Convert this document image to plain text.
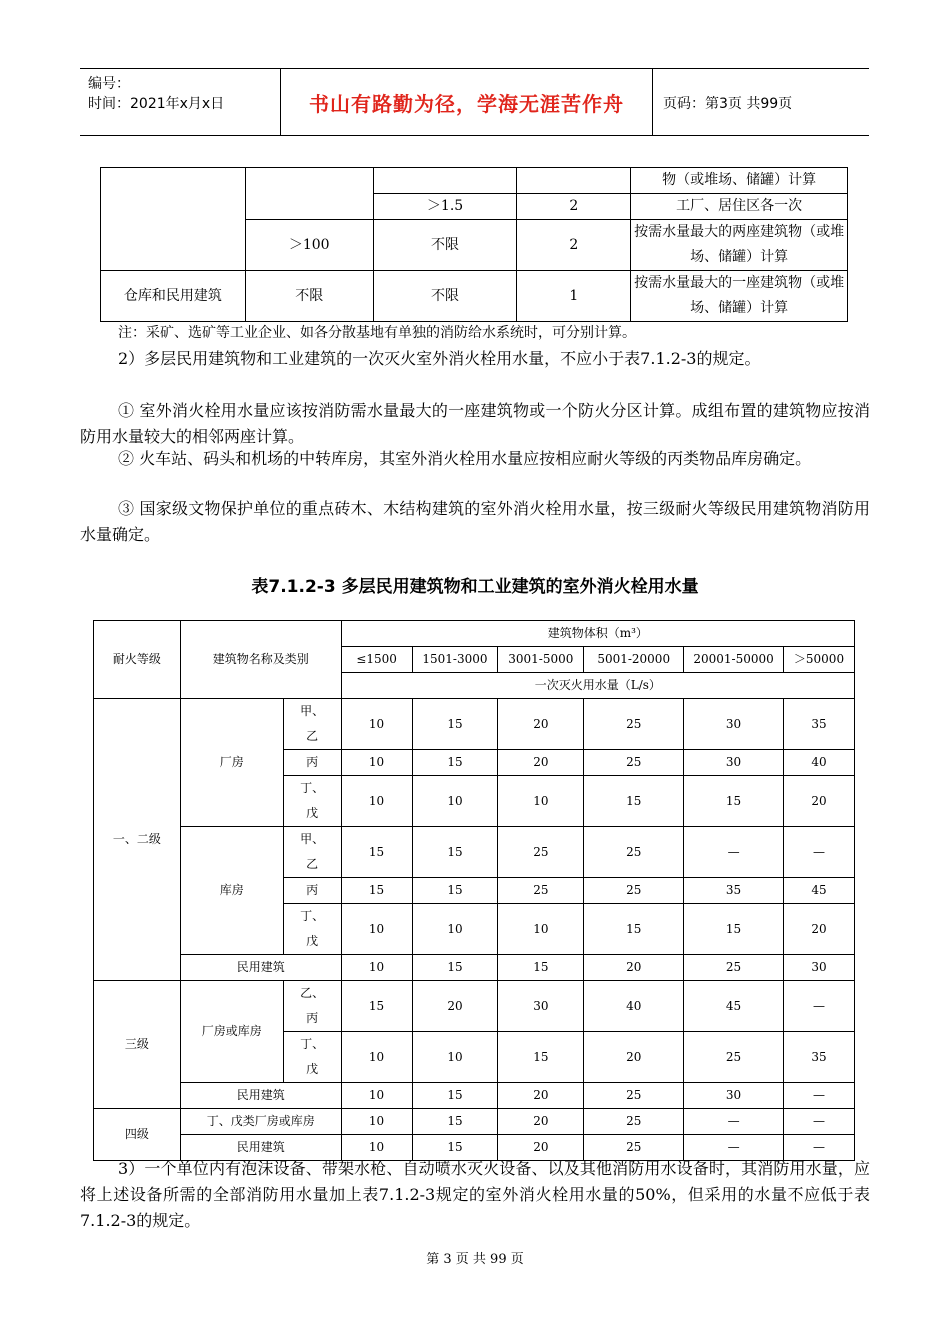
编号：
时间：2021年x月x日	书山有路勤为径，学海无涯苦作舟	页码：第3页 共99页
				物（或堆场、储罐）计算
		＞1.5	2	工厂、居住区各一次
	＞100	不限	2	按需水量最大的两座建筑物（或堆场、储罐）计算
仓库和民用建筑	不限	不限	1	按需水量最大的一座建筑物（或堆场、储罐）计算
注：采矿、选矿等工业企业、如各分散基地有单独的消防给水系统时，可分别计算。
2）多层民用建筑物和工业建筑的一次灭火室外消火栓用水量，不应小于表7.1.2-3的规定。
① 室外消火栓用水量应该按消防需水量最大的一座建筑物或一个防火分区计算。成组布置的建筑物应按消防用水量较大的相邻两座计算。
② 火车站、码头和机场的中转库房，其室外消火栓用水量应按相应耐火等级的丙类物品库房确定。
③ 国家级文物保护单位的重点砖木、木结构建筑的室外消火栓用水量，按三级耐火等级民用建筑物消防用水量确定。
表7.1.2-3 多层民用建筑物和工业建筑的室外消火栓用水量
耐火等级	建筑物名称及类别		建筑物体积（m³）					
			≤1500	1501-3000	3001-5000	5001-20000	20001-50000	＞50000
			一次灭火用水量（L/s）					
一、二级	厂房	甲、乙	10	15	20	25	30	35

		丙	10	15	20	25	30	40
		丁、戊	10	10	10	15	15	20

	库房	甲、乙	15	15	25	25	—	—

		丙	15	15	25	25	35	45
		丁、戊	10	10	10	15	15	20

	民用建筑		10	15	15	20	25	30
三级	厂房或库房	乙、丙	15	20	30	40	45	—

		丁、戊	10	10	15	20	25	35

	民用建筑		10	15	20	25	30	—
四级	丁、戊类厂房或库房		10	15	20	25	—	—
	民用建筑		10	15	20	25	—	—
3）一个单位内有泡沫设备、带架水枪、自动喷水灭火设备、以及其他消防用水设备时，其消防用水量，应将上述设备所需的全部消防用水量加上表7.1.2-3规定的室外消火栓用水量的50%，但采用的水量不应低于表7.1.2-3的规定。
第 3 页 共 99 页
